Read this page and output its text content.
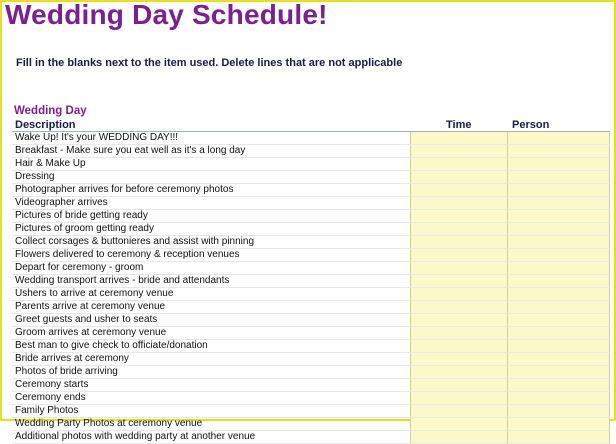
Wedding Day Schedule!
Fill in the blanks next to the item used. Delete lines that are not applicable
Wedding Day
Description	Time	Person
Wake Up! It's your WEDDING DAY!!!
Breakfast - Make sure you eat well as it's a long day
Hair & Make Up
Dressing
Photographer arrives for before ceremony photos
Videographer arrives
Pictures of bride getting ready
Pictures of groom getting ready
Collect corsages & buttonieres and assist with pinning
Flowers delivered to ceremony & reception venues
Depart for ceremony - groom
Wedding transport arrives - bride and attendants
Ushers to arrive at ceremony venue
Parents arrive at ceremony venue
Greet guests and usher to seats
Groom arrives at ceremony venue
Best man to give check to officiate/donation
Bride arrives at ceremony
Photos of bride arriving
Ceremony starts
Ceremony ends
Family Photos
Wedding Party Photos at ceremony venue
Additional photos with wedding party at another venue
